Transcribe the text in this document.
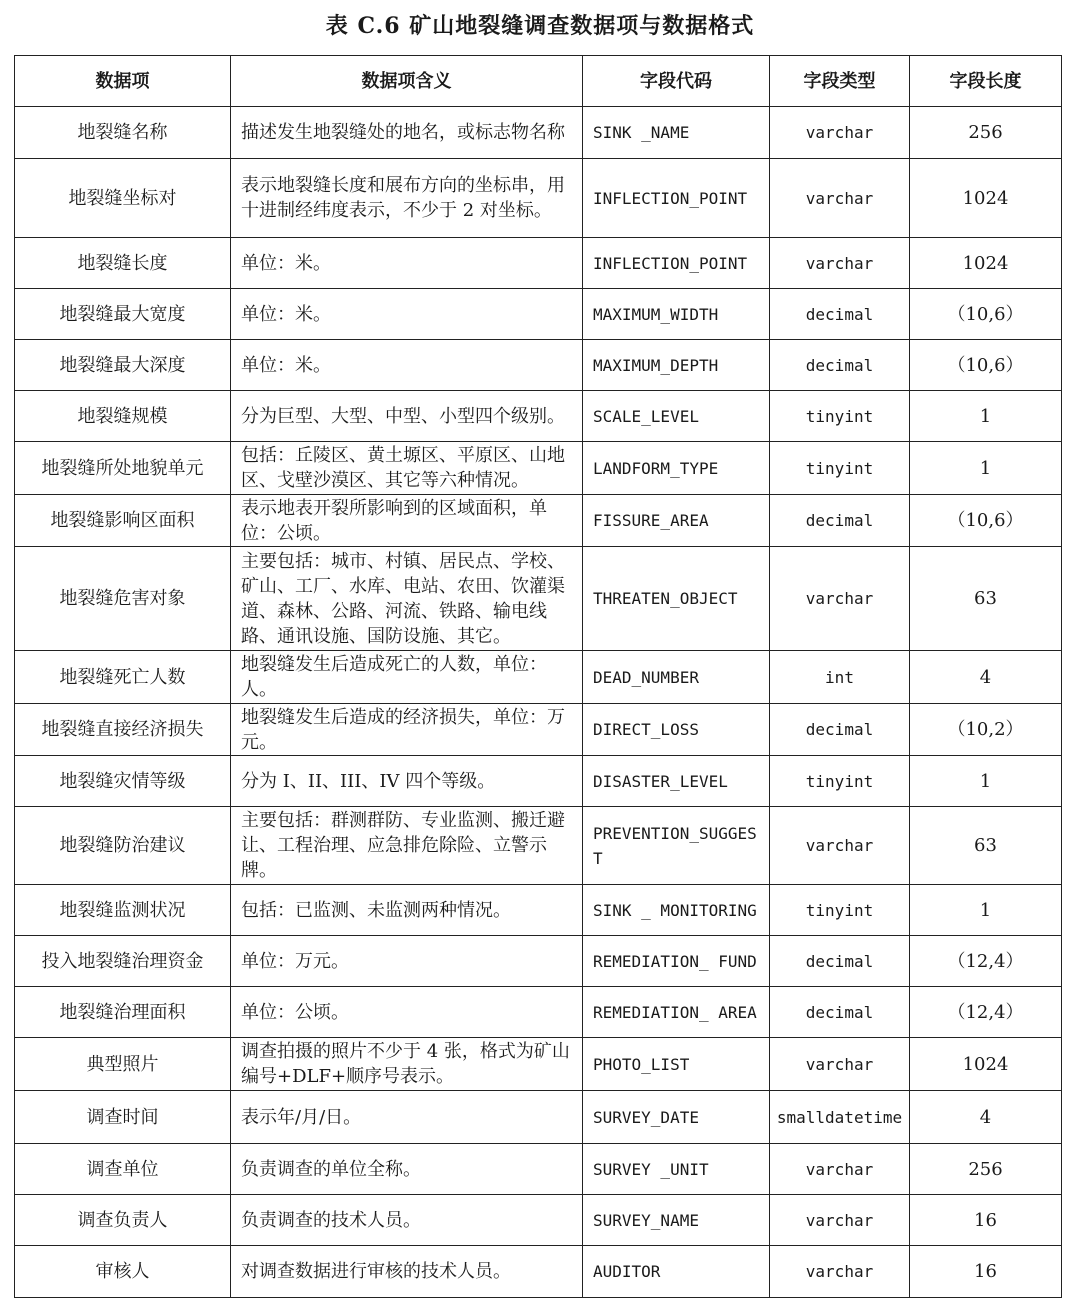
表 C.6 矿山地裂缝调查数据项与数据格式
数据项	数据项含义	字段代码	字段类型	字段长度
地裂缝名称	描述发生地裂缝处的地名，或标志物名称	SINK _NAME	varchar	256
地裂缝坐标对	表示地裂缝长度和展布方向的坐标串，用十进制经纬度表示，不少于 2 对坐标。	INFLECTION_POINT	varchar	1024
地裂缝长度	单位：米。	INFLECTION_POINT	varchar	1024
地裂缝最大宽度	单位：米。	MAXIMUM_WIDTH	decimal	（10,6）
地裂缝最大深度	单位：米。	MAXIMUM_DEPTH	decimal	（10,6）
地裂缝规模	分为巨型、大型、中型、小型四个级别。	SCALE_LEVEL	tinyint	1
地裂缝所处地貌单元	包括：丘陵区、黄土塬区、平原区、山地区、戈壁沙漠区、其它等六种情况。	LANDFORM_TYPE	tinyint	1
地裂缝影响区面积	表示地表开裂所影响到的区域面积，单位：公顷。	FISSURE_AREA	decimal	（10,6）
地裂缝危害对象	主要包括：城市、村镇、居民点、学校、矿山、工厂、水库、电站、农田、饮灌渠道、森林、公路、河流、铁路、输电线路、通讯设施、国防设施、其它。	THREATEN_OBJECT	varchar	63
地裂缝死亡人数	地裂缝发生后造成死亡的人数，单位：人。	DEAD_NUMBER	int	4
地裂缝直接经济损失	地裂缝发生后造成的经济损失，单位：万元。	DIRECT_LOSS	decimal	（10,2）
地裂缝灾情等级	分为 I、II、III、IV 四个等级。	DISASTER_LEVEL	tinyint	1
地裂缝防治建议	主要包括：群测群防、专业监测、搬迁避让、工程治理、应急排危除险、立警示牌。	PREVENTION_SUGGEST	varchar	63
地裂缝监测状况	包括：已监测、未监测两种情况。	SINK _ MONITORING	tinyint	1
投入地裂缝治理资金	单位：万元。	REMEDIATION_ FUND	decimal	（12,4）
地裂缝治理面积	单位：公顷。	REMEDIATION_ AREA	decimal	（12,4）
典型照片	调查拍摄的照片不少于 4 张，格式为矿山编号+DLF+顺序号表示。	PHOTO_LIST	varchar	1024
调查时间	表示年/月/日。	SURVEY_DATE	smalldatetime	4
调查单位	负责调查的单位全称。	SURVEY _UNIT	varchar	256
调查负责人	负责调查的技术人员。	SURVEY_NAME	varchar	16
审核人	对调查数据进行审核的技术人员。	AUDITOR	varchar	16
